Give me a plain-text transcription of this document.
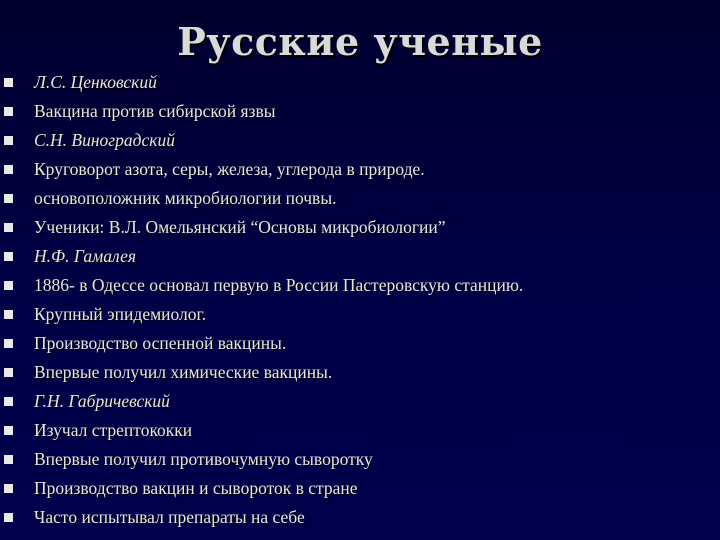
Русские ученые
Л.С. Ценковский
Вакцина против сибирской язвы
С.Н. Виноградский
Круговорот азота, серы, железа, углерода в природе.
основоположник микробиологии почвы.
Ученики: В.Л. Омельянский “Основы микробиологии”
Н.Ф. Гамалея
1886- в Одессе основал первую в России Пастеровскую станцию.
Крупный эпидемиолог.
Производство оспенной вакцины.
Впервые получил химические вакцины.
Г.Н. Габричевский
Изучал стрептококки
Впервые получил противочумную сыворотку
Производство вакцин и сывороток в стране
Часто испытывал препараты на себе
